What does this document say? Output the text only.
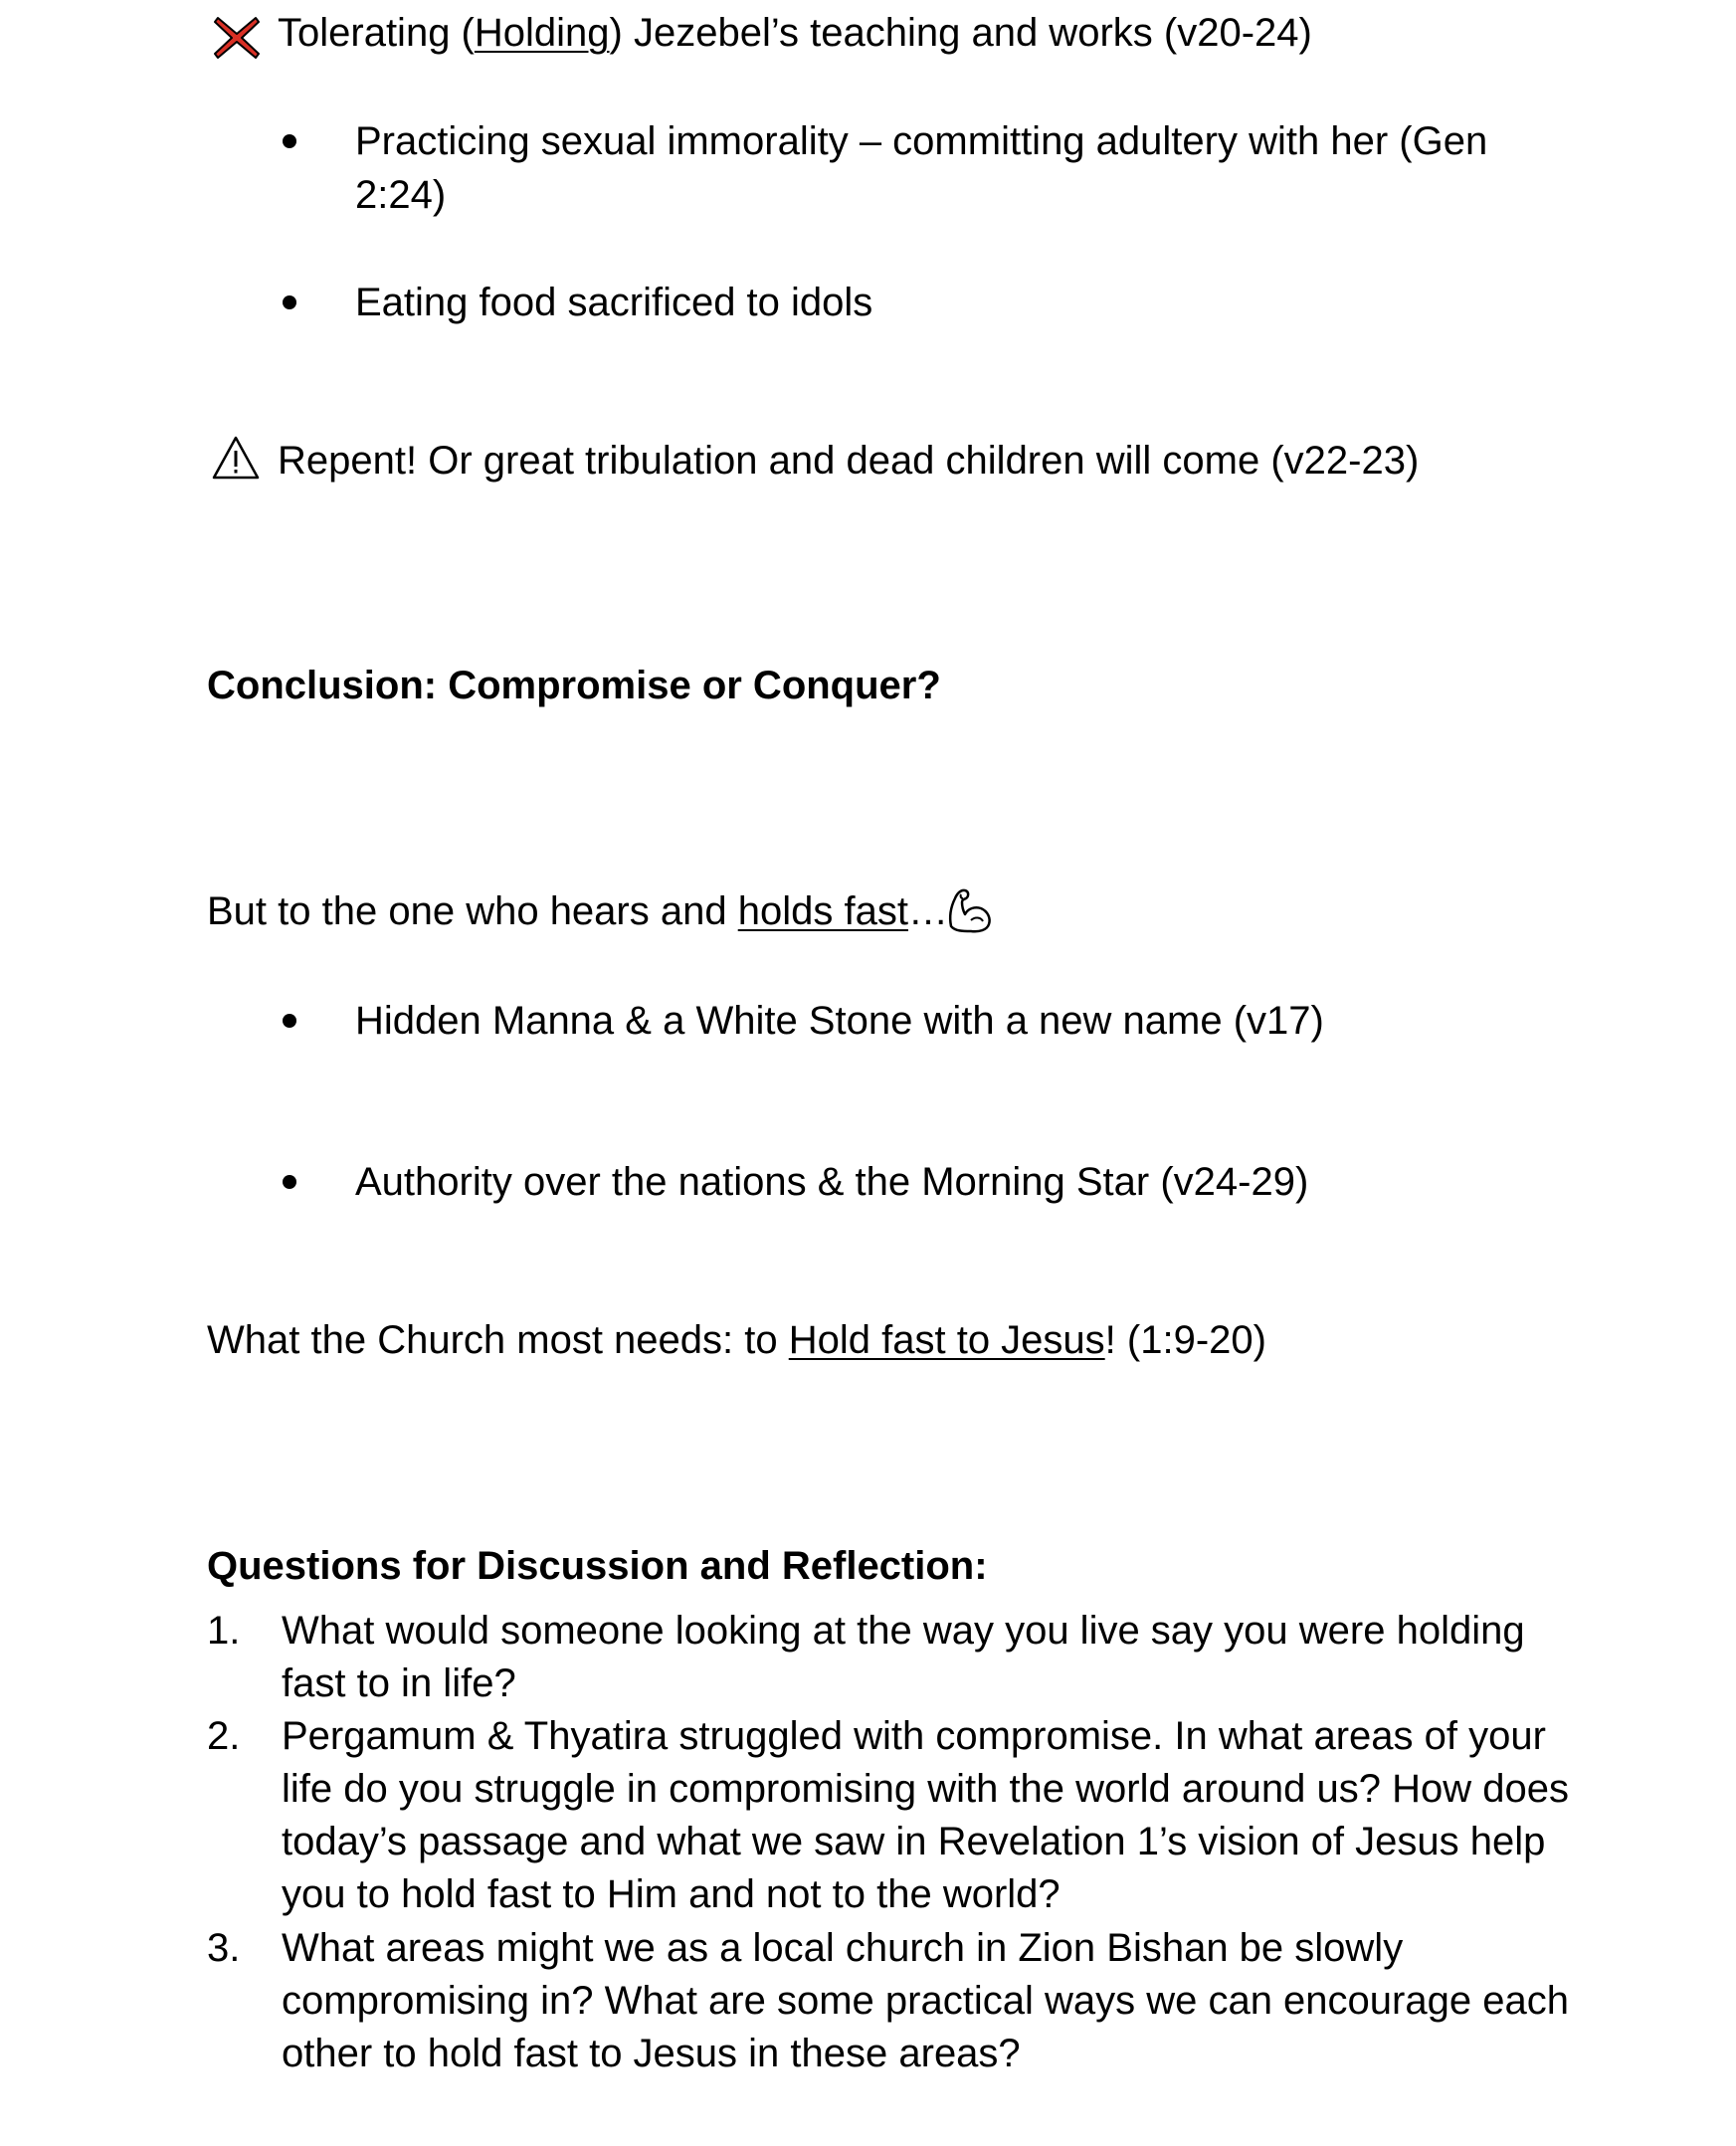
Tolerating (Holding) Jezebel’s teaching and works (v20-24)
Practicing sexual immorality – committing adultery with her (Gen
2:24)
Eating food sacrificed to idols
Repent! Or great tribulation and dead children will come (v22-23)
Conclusion: Compromise or Conquer?
But to the one who hears and holds fast…
Hidden Manna & a White Stone with a new name (v17)
Authority over the nations & the Morning Star (v24-29)
What the Church most needs: to Hold fast to Jesus! (1:9-20)
Questions for Discussion and Reflection:
1. What would someone looking at the way you live say you were holding
fast to in life?
2. Pergamum & Thyatira struggled with compromise. In what areas of your
life do you struggle in compromising with the world around us? How does
today’s passage and what we saw in Revelation 1’s vision of Jesus help
you to hold fast to Him and not to the world?
3. What areas might we as a local church in Zion Bishan be slowly
compromising in? What are some practical ways we can encourage each
other to hold fast to Jesus in these areas?
